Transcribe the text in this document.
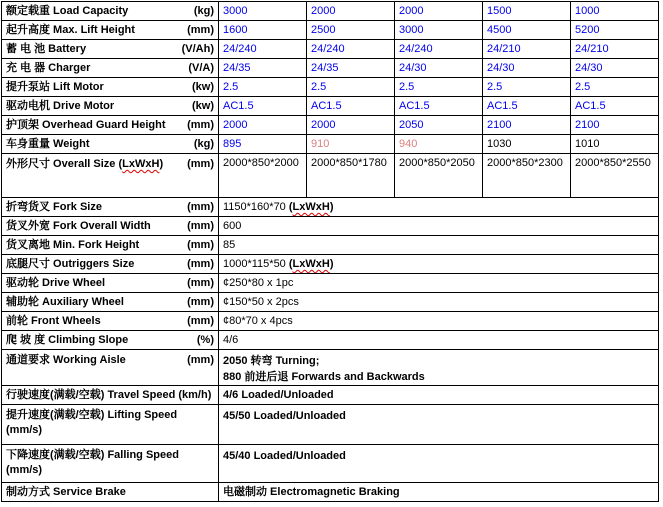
额定载重 Load Capacity (kg)	3000	2000	2000	1500	1000

起升高度 Max. Lift Height (mm)	1600	2500	3000	4500	5200

蓄 电 池 Battery (V/Ah)	24/240	24/240	24/240	24/210	24/210

充 电 器 Charger (V/A)	24/35	24/35	24/30	24/30	24/30

提升泵站 Lift Motor (kw)	2.5	2.5	2.5	2.5	2.5

驱动电机 Drive Motor (kw)	AC1.5	AC1.5	AC1.5	AC1.5	AC1.5

护顶架 Overhead Guard Height (mm)	2000	2000	2050	2100	2100

车身重量 Weight (kg)	895	910	940	1030	1010

外形尺寸 Overall Size (LxWxH) (mm)	2000*850*2000	2000*850*1780	2000*850*2050	2000*850*2300	2000*850*2550

折弯货叉 Fork Size (mm)	1150*160*70 (LxWxH)				

货叉外宽 Fork Overall Width (mm)	600				

货叉离地 Min. Fork Height (mm)	85				

底腿尺寸 Outriggers Size (mm)	1000*115*50 (LxWxH)				

驱动轮 Drive Wheel (mm)	¢250*80 x 1pc				

辅助轮 Auxiliary Wheel (mm)	¢150*50 x 2pcs				

前轮 Front Wheels (mm)	¢80*70 x 4pcs				

爬 坡 度 Climbing Slope (%)	4/6				

通道要求 Working Aisle	(mm)	2050 转弯 Turning;
880 前进后退 Forwards and Backwards

行驶速度(满载/空载) Travel Speed (km/h)	4/6 Loaded/Unloaded				

提升速度(满载/空载) Lifting Speed
(mm/s)	45/50 Loaded/Unloaded				

下降速度(满载/空载) Falling Speed
(mm/s)	45/40 Loaded/Unloaded				

制动方式 Service Brake	电磁制动 Electromagnetic Braking				
